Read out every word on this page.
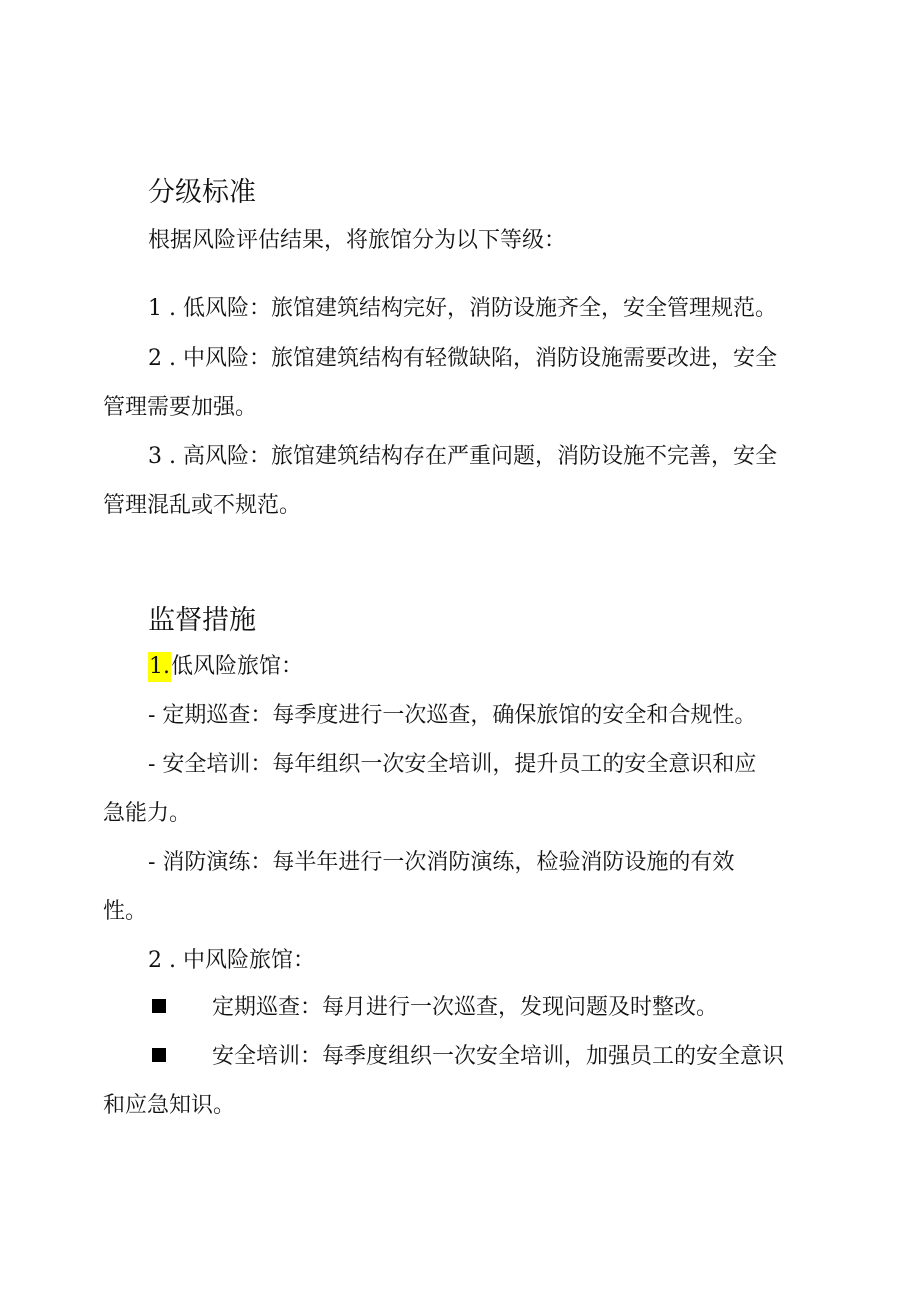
分级标准
根据风险评估结果，将旅馆分为以下等级：
1 . 低风险：旅馆建筑结构完好，消防设施齐全，安全管理规范。
2 . 中风险：旅馆建筑结构有轻微缺陷，消防设施需要改进，安全
管理需要加强。
3 . 高风险：旅馆建筑结构存在严重问题，消防设施不完善，安全
管理混乱或不规范。
监督措施
1.低风险旅馆：
- 定期巡查：每季度进行一次巡查，确保旅馆的安全和合规性。
- 安全培训：每年组织一次安全培训，提升员工的安全意识和应
急能力。
- 消防演练：每半年进行一次消防演练，检验消防设施的有效
性。
2 . 中风险旅馆：
定期巡查：每月进行一次巡查，发现问题及时整改。
安全培训：每季度组织一次安全培训，加强员工的安全意识
和应急知识。
